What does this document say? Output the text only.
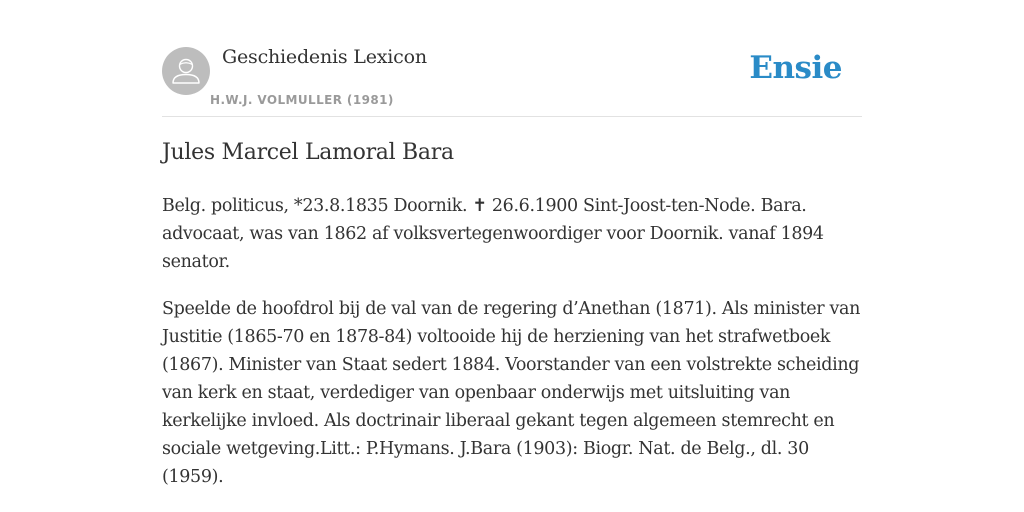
Geschiedenis Lexicon
H.W.J. VOLMULLER (1981)
Ensie
Jules Marcel Lamoral Bara

Belg. politicus, *23.8.1835 Doornik. ✝ 26.6.1900 Sint-Joost-ten-Node. Bara. advocaat, was van 1862 af volksvertegenwoordiger voor Doornik. vanaf 1894 senator.

Speelde de hoofdrol bij de val van de regering d’Anethan (1871). Als minister van Justitie (1865-70 en 1878-84) voltooide hij de herziening van het strafwetboek (1867). Minister van Staat sedert 1884. Voorstander van een volstrekte scheiding van kerk en staat, verdediger van openbaar onderwijs met uitsluiting van kerkelijke invloed. Als doctrinair liberaal gekant tegen algemeen stemrecht en sociale wetgeving.Litt.: P.Hymans. J.Bara (1903): Biogr. Nat. de Belg., dl. 30 (1959).
